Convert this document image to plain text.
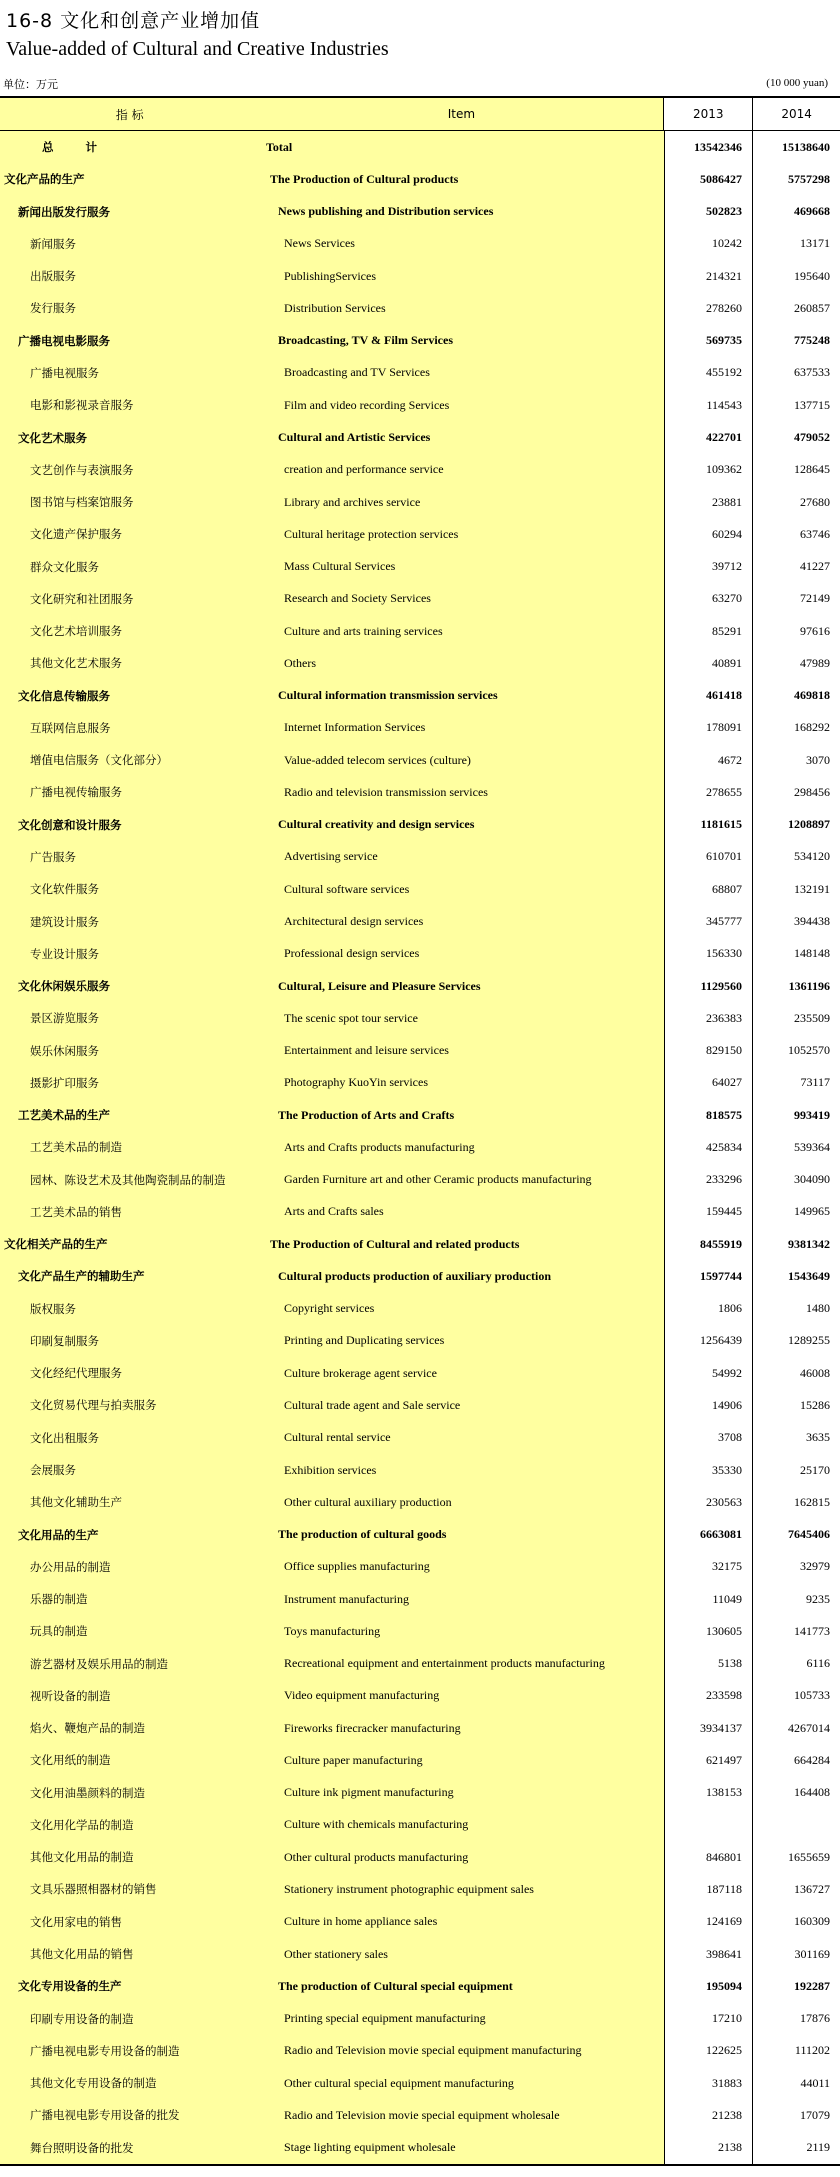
16-8 文化和创意产业增加值
Value-added of Cultural and Creative Industries
单位：万元	(10 000 yuan)
指 标	Item	2013	2014
总 计	Total	13542346	15138640
文化产品的生产	The Production of Cultural products	5086427	5757298
新闻出版发行服务	News publishing and Distribution services	502823	469668
新闻服务	News Services	10242	13171
出版服务	PublishingServices	214321	195640
发行服务	Distribution Services	278260	260857
广播电视电影服务	Broadcasting, TV & Film Services	569735	775248
广播电视服务	Broadcasting and TV Services	455192	637533
电影和影视录音服务	Film and video recording Services	114543	137715
文化艺术服务	Cultural and Artistic Services	422701	479052
文艺创作与表演服务	creation and performance service	109362	128645
图书馆与档案馆服务	Library and archives service	23881	27680
文化遗产保护服务	Cultural heritage protection services	60294	63746
群众文化服务	Mass Cultural Services	39712	41227
文化研究和社团服务	Research and Society Services	63270	72149
文化艺术培训服务	Culture and arts training services	85291	97616
其他文化艺术服务	Others	40891	47989
文化信息传输服务	Cultural information transmission services	461418	469818
互联网信息服务	Internet Information Services	178091	168292
增值电信服务（文化部分）	Value-added telecom services (culture)	4672	3070
广播电视传输服务	Radio and television transmission services	278655	298456
文化创意和设计服务	Cultural creativity and design services	1181615	1208897
广告服务	Advertising service	610701	534120
文化软件服务	Cultural software services	68807	132191
建筑设计服务	Architectural design services	345777	394438
专业设计服务	Professional design services	156330	148148
文化休闲娱乐服务	Cultural, Leisure and Pleasure Services	1129560	1361196
景区游览服务	The scenic spot tour service	236383	235509
娱乐休闲服务	Entertainment and leisure services	829150	1052570
摄影扩印服务	Photography KuoYin services	64027	73117
工艺美术品的生产	The Production of Arts and Crafts	818575	993419
工艺美术品的制造	Arts and Crafts products manufacturing	425834	539364
园林、陈设艺术及其他陶瓷制品的制造	Garden Furniture art and other Ceramic products manufacturing	233296	304090
工艺美术品的销售	Arts and Crafts sales	159445	149965
文化相关产品的生产	The Production of Cultural and related products	8455919	9381342
文化产品生产的辅助生产	Cultural products production of auxiliary production	1597744	1543649
版权服务	Copyright services	1806	1480
印刷复制服务	Printing and Duplicating services	1256439	1289255
文化经纪代理服务	Culture brokerage agent service	54992	46008
文化贸易代理与拍卖服务	Cultural trade agent and Sale service	14906	15286
文化出租服务	Cultural rental service	3708	3635
会展服务	Exhibition services	35330	25170
其他文化辅助生产	Other cultural auxiliary production	230563	162815
文化用品的生产	The production of cultural goods	6663081	7645406
办公用品的制造	Office supplies manufacturing	32175	32979
乐器的制造	Instrument manufacturing	11049	9235
玩具的制造	Toys manufacturing	130605	141773
游艺器材及娱乐用品的制造	Recreational equipment and entertainment products manufacturing	5138	6116
视听设备的制造	Video equipment manufacturing	233598	105733
焰火、鞭炮产品的制造	Fireworks firecracker manufacturing	3934137	4267014
文化用纸的制造	Culture paper manufacturing	621497	664284
文化用油墨颜料的制造	Culture ink pigment manufacturing	138153	164408
文化用化学品的制造	Culture with chemicals manufacturing
其他文化用品的制造	Other cultural products manufacturing	846801	1655659
文具乐器照相器材的销售	Stationery instrument photographic equipment sales	187118	136727
文化用家电的销售	Culture in home appliance sales	124169	160309
其他文化用品的销售	Other stationery sales	398641	301169
文化专用设备的生产	The production of Cultural special equipment	195094	192287
印刷专用设备的制造	Printing special equipment manufacturing	17210	17876
广播电视电影专用设备的制造	Radio and Television movie special equipment manufacturing	122625	111202
其他文化专用设备的制造	Other cultural special equipment manufacturing	31883	44011
广播电视电影专用设备的批发	Radio and Television movie special equipment wholesale	21238	17079
舞台照明设备的批发	Stage lighting equipment wholesale	2138	2119
